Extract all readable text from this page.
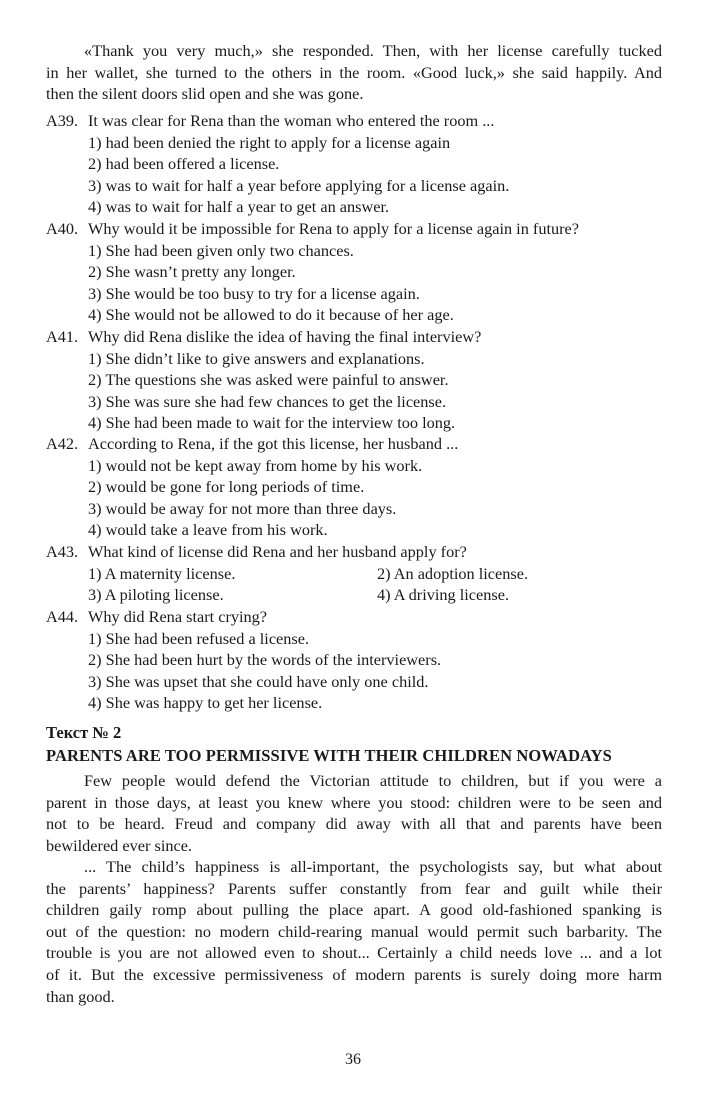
«Thank you very much,» she responded. Then, with her license carefully tucked
in her wallet, she turned to the others in the room. «Good luck,» she said happily. And
then the silent doors slid open and she was gone.
A39. It was clear for Rena than the woman who entered the room ...
1) had been denied the right to apply for a license again
2) had been offered a license.
3) was to wait for half a year before applying for a license again.
4) was to wait for half a year to get an answer.
A40. Why would it be impossible for Rena to apply for a license again in future?
1) She had been given only two chances.
2) She wasn’t pretty any longer.
3) She would be too busy to try for a license again.
4) She would not be allowed to do it because of her age.
A41. Why did Rena dislike the idea of having the final interview?
1) She didn’t like to give answers and explanations.
2) The questions she was asked were painful to answer.
3) She was sure she had few chances to get the license.
4) She had been made to wait for the interview too long.
A42. According to Rena, if the got this license, her husband ...
1) would not be kept away from home by his work.
2) would be gone for long periods of time.
3) would be away for not more than three days.
4) would take a leave from his work.
A43. What kind of license did Rena and her husband apply for?
1) A maternity license.	2) An adoption license.
3) A piloting license.	4) A driving license.
A44. Why did Rena start crying?
1) She had been refused a license.
2) She had been hurt by the words of the interviewers.
3) She was upset that she could have only one child.
4) She was happy to get her license.
Текст № 2
PARENTS ARE TOO PERMISSIVE WITH THEIR CHILDREN NOWADAYS
Few people would defend the Victorian attitude to children, but if you were a
parent in those days, at least you knew where you stood: children were to be seen and
not to be heard. Freud and company did away with all that and parents have been
bewildered ever since.
... The child’s happiness is all-important, the psychologists say, but what about
the parents’ happiness? Parents suffer constantly from fear and guilt while their
children gaily romp about pulling the place apart. A good old-fashioned spanking is
out of the question: no modern child-rearing manual would permit such barbarity. The
trouble is you are not allowed even to shout... Certainly a child needs love ... and a lot
of it. But the excessive permissiveness of modern parents is surely doing more harm
than good.
36
